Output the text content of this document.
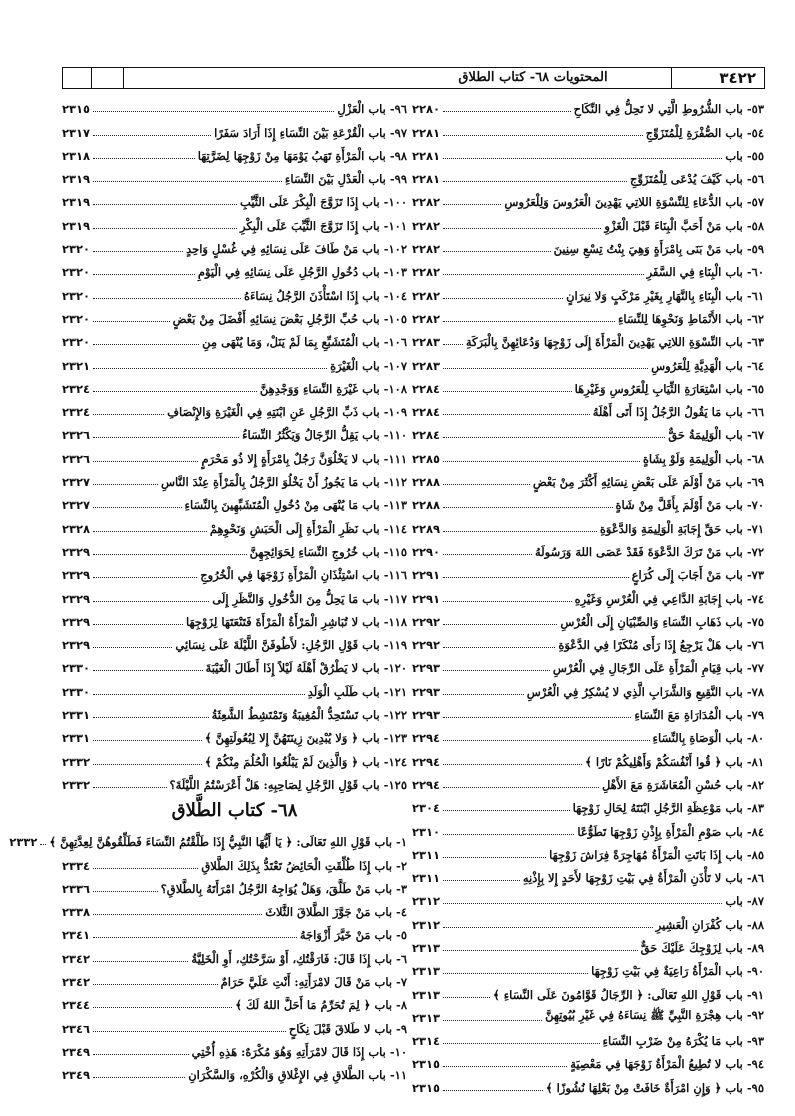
المحتويات ٦٨- كتاب الطلاق	٣٤٢٢
٥٣- باب الشُّرُوطِ الَّتِي لا تَحِلُّ فِي النِّكَاحِ
٢٢٨٠
٥٤- باب الصُّفْرَةِ لِلْمُتَزَوِّجِ
٢٢٨١
٥٥- باب
٢٢٨١
٥٦- باب كَيْفَ يُدْعَى لِلْمُتَزَوِّجِ
٢٢٨١
٥٧- باب الدُّعَاءِ لِلنِّسْوَةِ اللاتِي يَهْدِينَ الْعَرُوسَ وَلِلْعَرُوسِ
٢٢٨٢
٥٨- باب مَنْ أَحَبَّ الْبِنَاءَ قَبْلَ الْغَزْوِ
٢٢٨٢
٥٩- باب مَنْ بَنَى بِامْرَأَةٍ وَهِيَ بِنْتُ تِسْعِ سِنِينَ
٢٢٨٢
٦٠- باب الْبِنَاءِ فِي السَّفَرِ
٢٢٨٢
٦١- باب الْبِنَاءِ بِالنَّهَارِ بِغَيْرِ مَرْكَبٍ وَلا نِيرَانٍ
٢٢٨٢
٦٢- باب الأَنْمَاطِ وَنَحْوِهَا لِلنِّسَاءِ
٢٢٨٢
٦٣- باب النِّسْوَةِ اللاتِي يَهْدِينَ الْمَرْأَةَ إِلَى زَوْجِهَا وَدُعَائِهِنَّ بِالْبَرَكَةِ
٢٢٨٣
٦٤- باب الْهَدِيَّةِ لِلْعَرُوسِ
٢٢٨٣
٦٥- باب اسْتِعَارَةِ الثِّيَابِ لِلْعَرُوسِ وَغَيْرِهَا
٢٢٨٤
٦٦- باب مَا يَقُولُ الرَّجُلُ إِذَا أَتَى أَهْلَهُ
٢٢٨٤
٦٧- باب الْوَلِيمَةُ حَقٌّ
٢٢٨٤
٦٨- باب الْوَلِيمَةِ وَلَوْ بِشَاةٍ
٢٢٨٥
٦٩- باب مَنْ أَوْلَمَ عَلَى بَعْضِ نِسَائِهِ أَكْثَرَ مِنْ بَعْضٍ
٢٢٨٨
٧٠- باب مَنْ أَوْلَمَ بِأَقَلَّ مِنْ شَاةٍ
٢٢٨٨
٧١- باب حَقِّ إِجَابَةِ الْوَلِيمَةِ وَالدَّعْوَةِ
٢٢٨٩
٧٢- باب مَنْ تَرَكَ الدَّعْوَةَ فَقَدْ عَصَى اللهَ وَرَسُولَهُ
٢٢٩٠
٧٣- باب مَنْ أَجَابَ إِلَى كُرَاعٍ
٢٢٩١
٧٤- باب إِجَابَةِ الدَّاعِي فِي الْعُرْسِ وَغَيْرِهِ
٢٢٩١
٧٥- باب ذَهَابِ النِّسَاءِ وَالصِّبْيَانِ إِلَى الْعُرْسِ
٢٢٩٢
٧٦- باب هَلْ يَرْجِعُ إِذَا رَأَى مُنْكَرًا فِي الدَّعْوَةِ
٢٢٩٢
٧٧- باب قِيَامِ الْمَرْأَةِ عَلَى الرِّجَالِ فِي الْعُرْسِ
٢٢٩٣
٧٨- باب النَّقِيعِ وَالشَّرَابِ الَّذِي لا يُسْكِرُ فِي الْعُرْسِ
٢٢٩٣
٧٩- باب الْمُدَارَاةِ مَعَ النِّسَاءِ
٢٢٩٣
٨٠- باب الْوَصَاةِ بِالنِّسَاءِ
٢٢٩٤
٨١- باب ﴿ قُوا أَنْفُسَكُمْ وَأَهْلِيكُمْ نَارًا ﴾
٢٢٩٤
٨٢- باب حُسْنِ الْمُعَاشَرَةِ مَعَ الأَهْلِ
٢٢٩٤
٨٣- باب مَوْعِظَةِ الرَّجُلِ ابْنَتَهُ لِحَالِ زَوْجِهَا
٢٣٠٤
٨٤- باب صَوْمِ الْمَرْأَةِ بِإِذْنِ زَوْجِهَا تَطَوُّعًا
٢٣١٠
٨٥- باب إِذَا بَاتَتِ الْمَرْأَةُ مُهَاجِرَةً فِرَاشَ زَوْجِهَا
٢٣١١
٨٦- باب لا تَأْذَنِ الْمَرْأَةُ فِي بَيْتِ زَوْجِهَا لأَحَدٍ إِلا بِإِذْنِهِ
٢٣١١
٨٧- باب
٢٣١٢
٨٨- باب كُفْرَانِ الْعَشِيرِ
٢٣١٢
٨٩- باب لِزَوْجِكَ عَلَيْكَ حَقٌّ
٢٣١٣
٩٠- باب الْمَرْأَةُ رَاعِيَةٌ فِي بَيْتِ زَوْجِهَا
٢٣١٣
٩١- باب قَوْلِ اللهِ تَعَالَى: ﴿ الرِّجَالُ قَوَّامُونَ عَلَى النِّسَاءِ ﴾
٢٣١٣
٩٢- باب هِجْرَةِ النَّبِيِّ ﷺ نِسَاءَهُ فِي غَيْرِ بُيُوتِهِنَّ
٢٣١٣
٩٣- باب مَا يُكْرَهُ مِنْ ضَرْبِ النِّسَاءِ
٢٣١٤
٩٤- باب لا تُطِيعُ الْمَرْأَةُ زَوْجَهَا فِي مَعْصِيَةٍ
٢٣١٥
٩٥- باب ﴿ وَإِنِ امْرَأَةٌ خَافَتْ مِنْ بَعْلِهَا نُشُوزًا ﴾
٢٣١٥
٩٦- باب الْعَزْلِ
٢٣١٥
٩٧- باب الْقُرْعَةِ بَيْنَ النِّسَاءِ إِذَا أَرَادَ سَفَرًا
٢٣١٧
٩٨- باب الْمَرْأَةِ تَهَبُ يَوْمَهَا مِنْ زَوْجِهَا لِضَرَّتِهَا
٢٣١٨
٩٩- باب الْعَدْلِ بَيْنَ النِّسَاءِ
٢٣١٩
١٠٠- باب إِذَا تَزَوَّجَ الْبِكْرَ عَلَى الثَّيِّبِ
٢٣١٩
١٠١- باب إِذَا تَزَوَّجَ الثَّيِّبَ عَلَى الْبِكْرِ
٢٣١٩
١٠٢- باب مَنْ طَافَ عَلَى نِسَائِهِ فِي غُسْلٍ وَاحِدٍ
٢٣٢٠
١٠٣- باب دُخُولِ الرَّجُلِ عَلَى نِسَائِهِ فِي الْيَوْمِ
٢٣٢٠
١٠٤- باب إِذَا اسْتَأْذَنَ الرَّجُلُ نِسَاءَهُ
٢٣٢٠
١٠٥- باب حُبِّ الرَّجُلِ بَعْضَ نِسَائِهِ أَفْضَلَ مِنْ بَعْضٍ
٢٣٢٠
١٠٦- باب الْمُتَشَبِّعِ بِمَا لَمْ يَنَلْ، وَمَا يُنْهَى مِنِ
٢٣٢٠
١٠٧- باب الْغَيْرَةِ
٢٣٢١
١٠٨- باب غَيْرَةِ النِّسَاءِ وَوَجْدِهِنَّ
٢٣٢٤
١٠٩- باب ذَبِّ الرَّجُلِ عَنِ ابْنَتِهِ فِي الْغَيْرَةِ وَالإِنْصَافِ
٢٣٢٤
١١٠- باب يَقِلُّ الرِّجَالُ وَيَكْثُرُ النِّسَاءُ
٢٣٢٦
١١١- باب لا يَخْلُوَنَّ رَجُلٌ بِامْرَأَةٍ إِلا ذُو مَحْرَمٍ
٢٣٢٦
١١٢- باب مَا يَجُوزُ أَنْ يَخْلُوَ الرَّجُلُ بِالْمَرْأَةِ عِنْدَ النَّاسِ
٢٣٢٧
١١٣- باب مَا يُنْهَى مِنْ دُخُولِ الْمُتَشَبِّهِينَ بِالنِّسَاءِ
٢٣٢٧
١١٤- باب نَظَرِ الْمَرْأَةِ إِلَى الْحَبَشِ وَنَحْوِهِمْ
٢٣٢٨
١١٥- باب خُرُوجِ النِّسَاءِ لِحَوَائِجِهِنَّ
٢٣٢٩
١١٦- باب اسْتِئْذَانِ الْمَرْأَةِ زَوْجَهَا فِي الْخُرُوجِ
٢٣٢٩
١١٧- باب مَا يَحِلُّ مِنَ الدُّخُولِ وَالنَّظَرِ إِلَى
٢٣٢٩
١١٨- باب لا تُبَاشِرِ الْمَرْأَةُ الْمَرْأَةَ فَتَنْعَتَهَا لِزَوْجِهَا
٢٣٢٩
١١٩- باب قَوْلِ الرَّجُلِ: لأَطُوفَنَّ اللَّيْلَةَ عَلَى نِسَائِي
٢٣٢٩
١٢٠- باب لا يَطْرُقْ أَهْلَهُ لَيْلاً إِذَا أَطَالَ الْغَيْبَةَ
٢٣٣٠
١٢١- باب طَلَبِ الْوَلَدِ
٢٣٣٠
١٢٢- باب تَسْتَحِدُّ الْمُغِيبَةُ وَتَمْتَشِطُ الشَّعِثَةُ
٢٣٣١
١٢٣- باب ﴿ وَلا يُبْدِينَ زِينَتَهُنَّ إِلا لِبُعُولَتِهِنَّ ﴾
٢٣٣١
١٢٤- باب ﴿ وَالَّذِينَ لَمْ يَبْلُغُوا الْحُلُمَ مِنْكُمْ ﴾
٢٣٣٢
١٢٥- باب قَوْلِ الرَّجُلِ لِصَاحِبِهِ: هَلْ أَعْرَسْتُمُ اللَّيْلَةَ؟
٢٣٣٢
٦٨- كتاب الطَّلاق
١- باب قَوْلِ اللهِ تَعَالَى: ﴿ يَا أَيُّهَا النَّبِيُّ إِذَا طَلَّقْتُمُ النِّسَاءَ فَطَلِّقُوهُنَّ لِعِدَّتِهِنَّ ﴾
٢٣٣٢
٢- باب إِذَا طُلِّقَتِ الْحَائِضُ تَعْتَدُّ بِذَلِكَ الطَّلاقِ
٢٣٣٤
٣- باب مَنْ طَلَّقَ، وَهَلْ يُوَاجِهُ الرَّجُلُ امْرَأَتَهُ بِالطَّلاقِ؟
٢٣٣٦
٤- باب مَنْ جَوَّزَ الطَّلاقَ الثَّلاثَ
٢٣٣٨
٥- باب مَنْ خَيَّرَ أَزْوَاجَهُ
٢٣٤١
٦- باب إِذَا قَالَ: فَارَقْتُكِ، أَوْ سَرَّحْتُكِ، أَوِ الْخَلِيَّةُ
٢٣٤٢
٧- باب مَنْ قَالَ لامْرَأَتِهِ: أَنْتِ عَلَيَّ حَرَامٌ
٢٣٤٢
٨- باب ﴿ لِمَ تُحَرِّمُ مَا أَحَلَّ اللهُ لَكَ ﴾
٢٣٤٤
٩- باب لا طَلاقَ قَبْلَ نِكَاحٍ
٢٣٤٦
١٠- باب إِذَا قَالَ لامْرَأَتِهِ وَهُوَ مُكْرَهٌ: هَذِهِ أُخْتِي
٢٣٤٩
١١- باب الطَّلاقِ فِي الإِغْلاقِ وَالْكُرْهِ، وَالسَّكْرَانِ
٢٣٤٩
